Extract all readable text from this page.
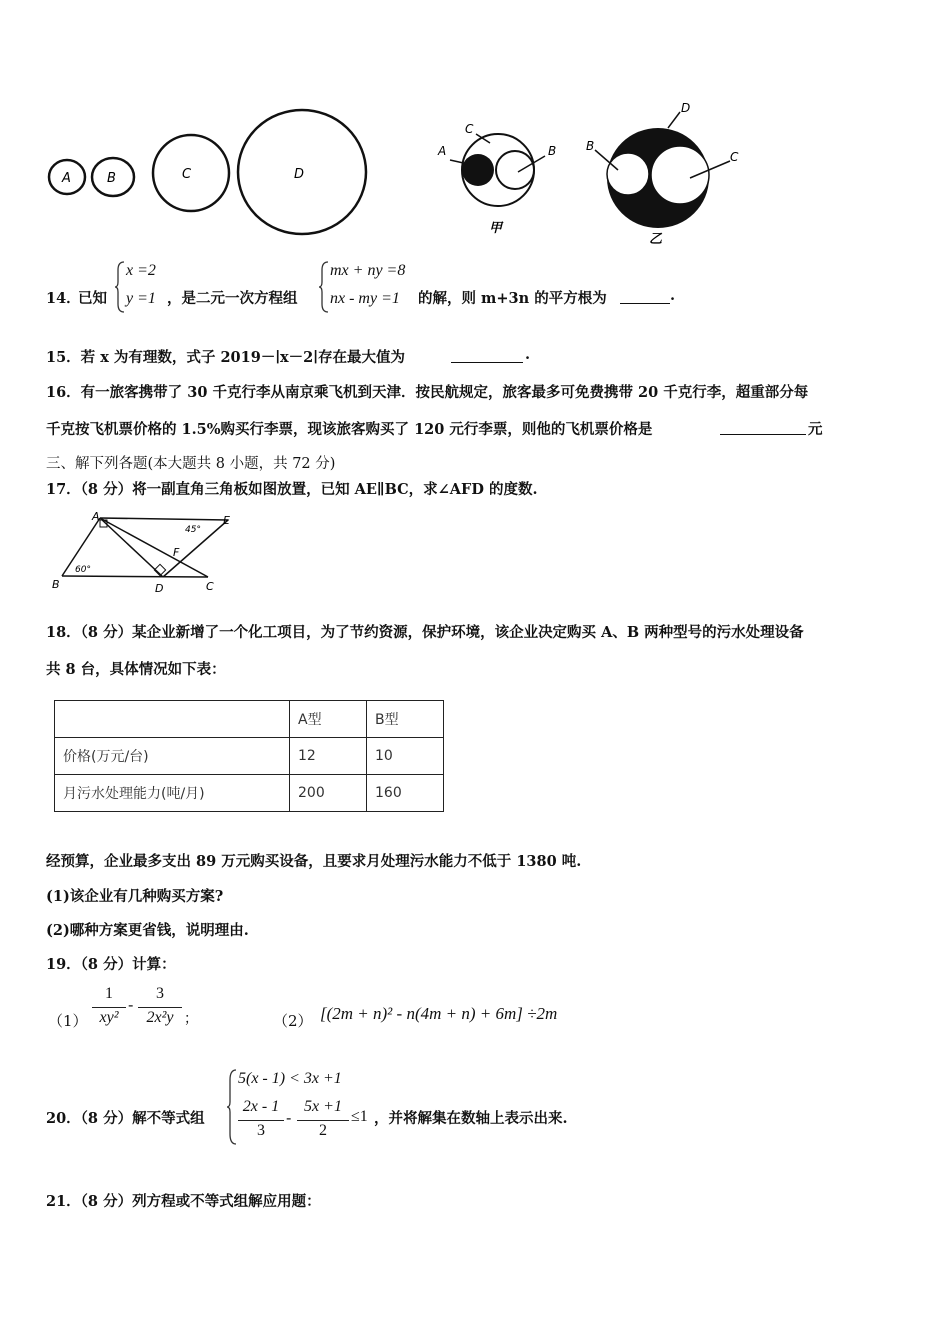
A	B	C	D
A
C
B
甲
B
D
C
乙
14．
已知
x =2
y =1 ，是二元一次方程组
mx + ny =8
nx - my =1 的解，则 m+3n 的平方根为	.
15．若 x 为有理数，式子 2019－∣x－2∣存在最大值为	.
16．有一旅客携带了 30 千克行李从南京乘飞机到天津．按民航规定，旅客最多可免费携带 20 千克行李，超重部分每
千克按飞机票价格的 1.5%购买行李票，现该旅客购买了 120 元行李票，则他的飞机票价格是	元
三、解下列各题(本大题共 8 小题，共 72 分)
17．（8 分）将一副直角三角板如图放置，已知 AE∥BC，求∠AFD 的度数.
A	E
B	C
D
F
45°
60°
18．（8 分）某企业新增了一个化工项目，为了节约资源，保护环境，该企业决定购买 A、B 两种型号的污水处理设备
共 8 台，具体情况如下表：
	A型	B型
价格(万元/台)	12	10
月污水处理能力(吨/月)	200	160
经预算，企业最多支出 89 万元购买设备，且要求月处理污水能力不低于 1380 吨.
(1)该企业有几种购买方案?
(2)哪种方案更省钱，说明理由.
19．（8 分）计算：
（1）
1
xy²
-
3
2x²y ；	（2） [(2m + n)² - n(4m + n) + 6m] ÷2m
20．（8 分）解不等式组
5(x - 1) < 3x +1
2x - 1
3
-
5x +1
2
≤1 ，并将解集在数轴上表示出来.
21．（8 分）列方程或不等式组解应用题：
